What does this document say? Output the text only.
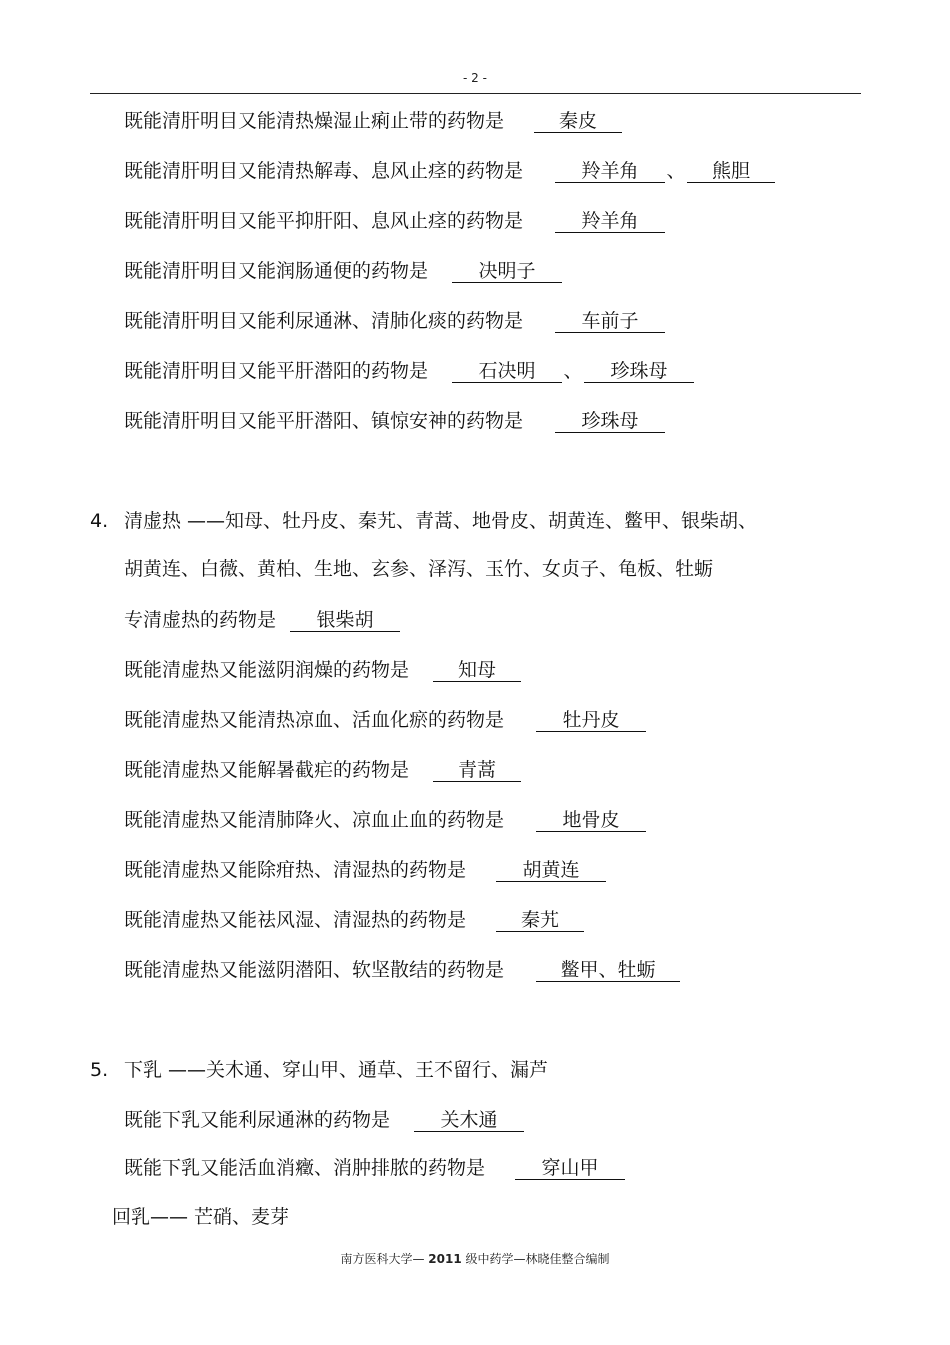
- 2 -
既能清肝明目又能清热燥湿止痢止带的药物是	秦皮
既能清肝明目又能清热解毒、息风止痉的药物是	羚羊角 、 熊胆
既能清肝明目又能平抑肝阳、息风止痉的药物是	羚羊角
既能清肝明目又能润肠通便的药物是	决明子
既能清肝明目又能利尿通淋、清肺化痰的药物是	车前子
既能清肝明目又能平肝潜阳的药物是	石决明 、 珍珠母
既能清肝明目又能平肝潜阳、镇惊安神的药物是	珍珠母
4. 清虚热 ——知母、牡丹皮、秦艽、青蒿、地骨皮、胡黄连、鳖甲、银柴胡、
胡黄连、白薇、黄柏、生地、玄参、泽泻、玉竹、女贞子、龟板、牡蛎
专清虚热的药物是 银柴胡
既能清虚热又能滋阴润燥的药物是	知母
既能清虚热又能清热凉血、活血化瘀的药物是	牡丹皮
既能清虚热又能解暑截疟的药物是	青蒿
既能清虚热又能清肺降火、凉血止血的药物是	地骨皮
既能清虚热又能除疳热、清湿热的药物是	胡黄连
既能清虚热又能祛风湿、清湿热的药物是	秦艽
既能清虚热又能滋阴潜阳、软坚散结的药物是	鳖甲、牡蛎
5. 下乳 ——关木通、穿山甲、通草、王不留行、漏芦
既能下乳又能利尿通淋的药物是	关木通
既能下乳又能活血消癥、消肿排脓的药物是	穿山甲
回乳—— 芒硝、麦芽
南方医科大学— 2011 级中药学—林晓佳整合编制
